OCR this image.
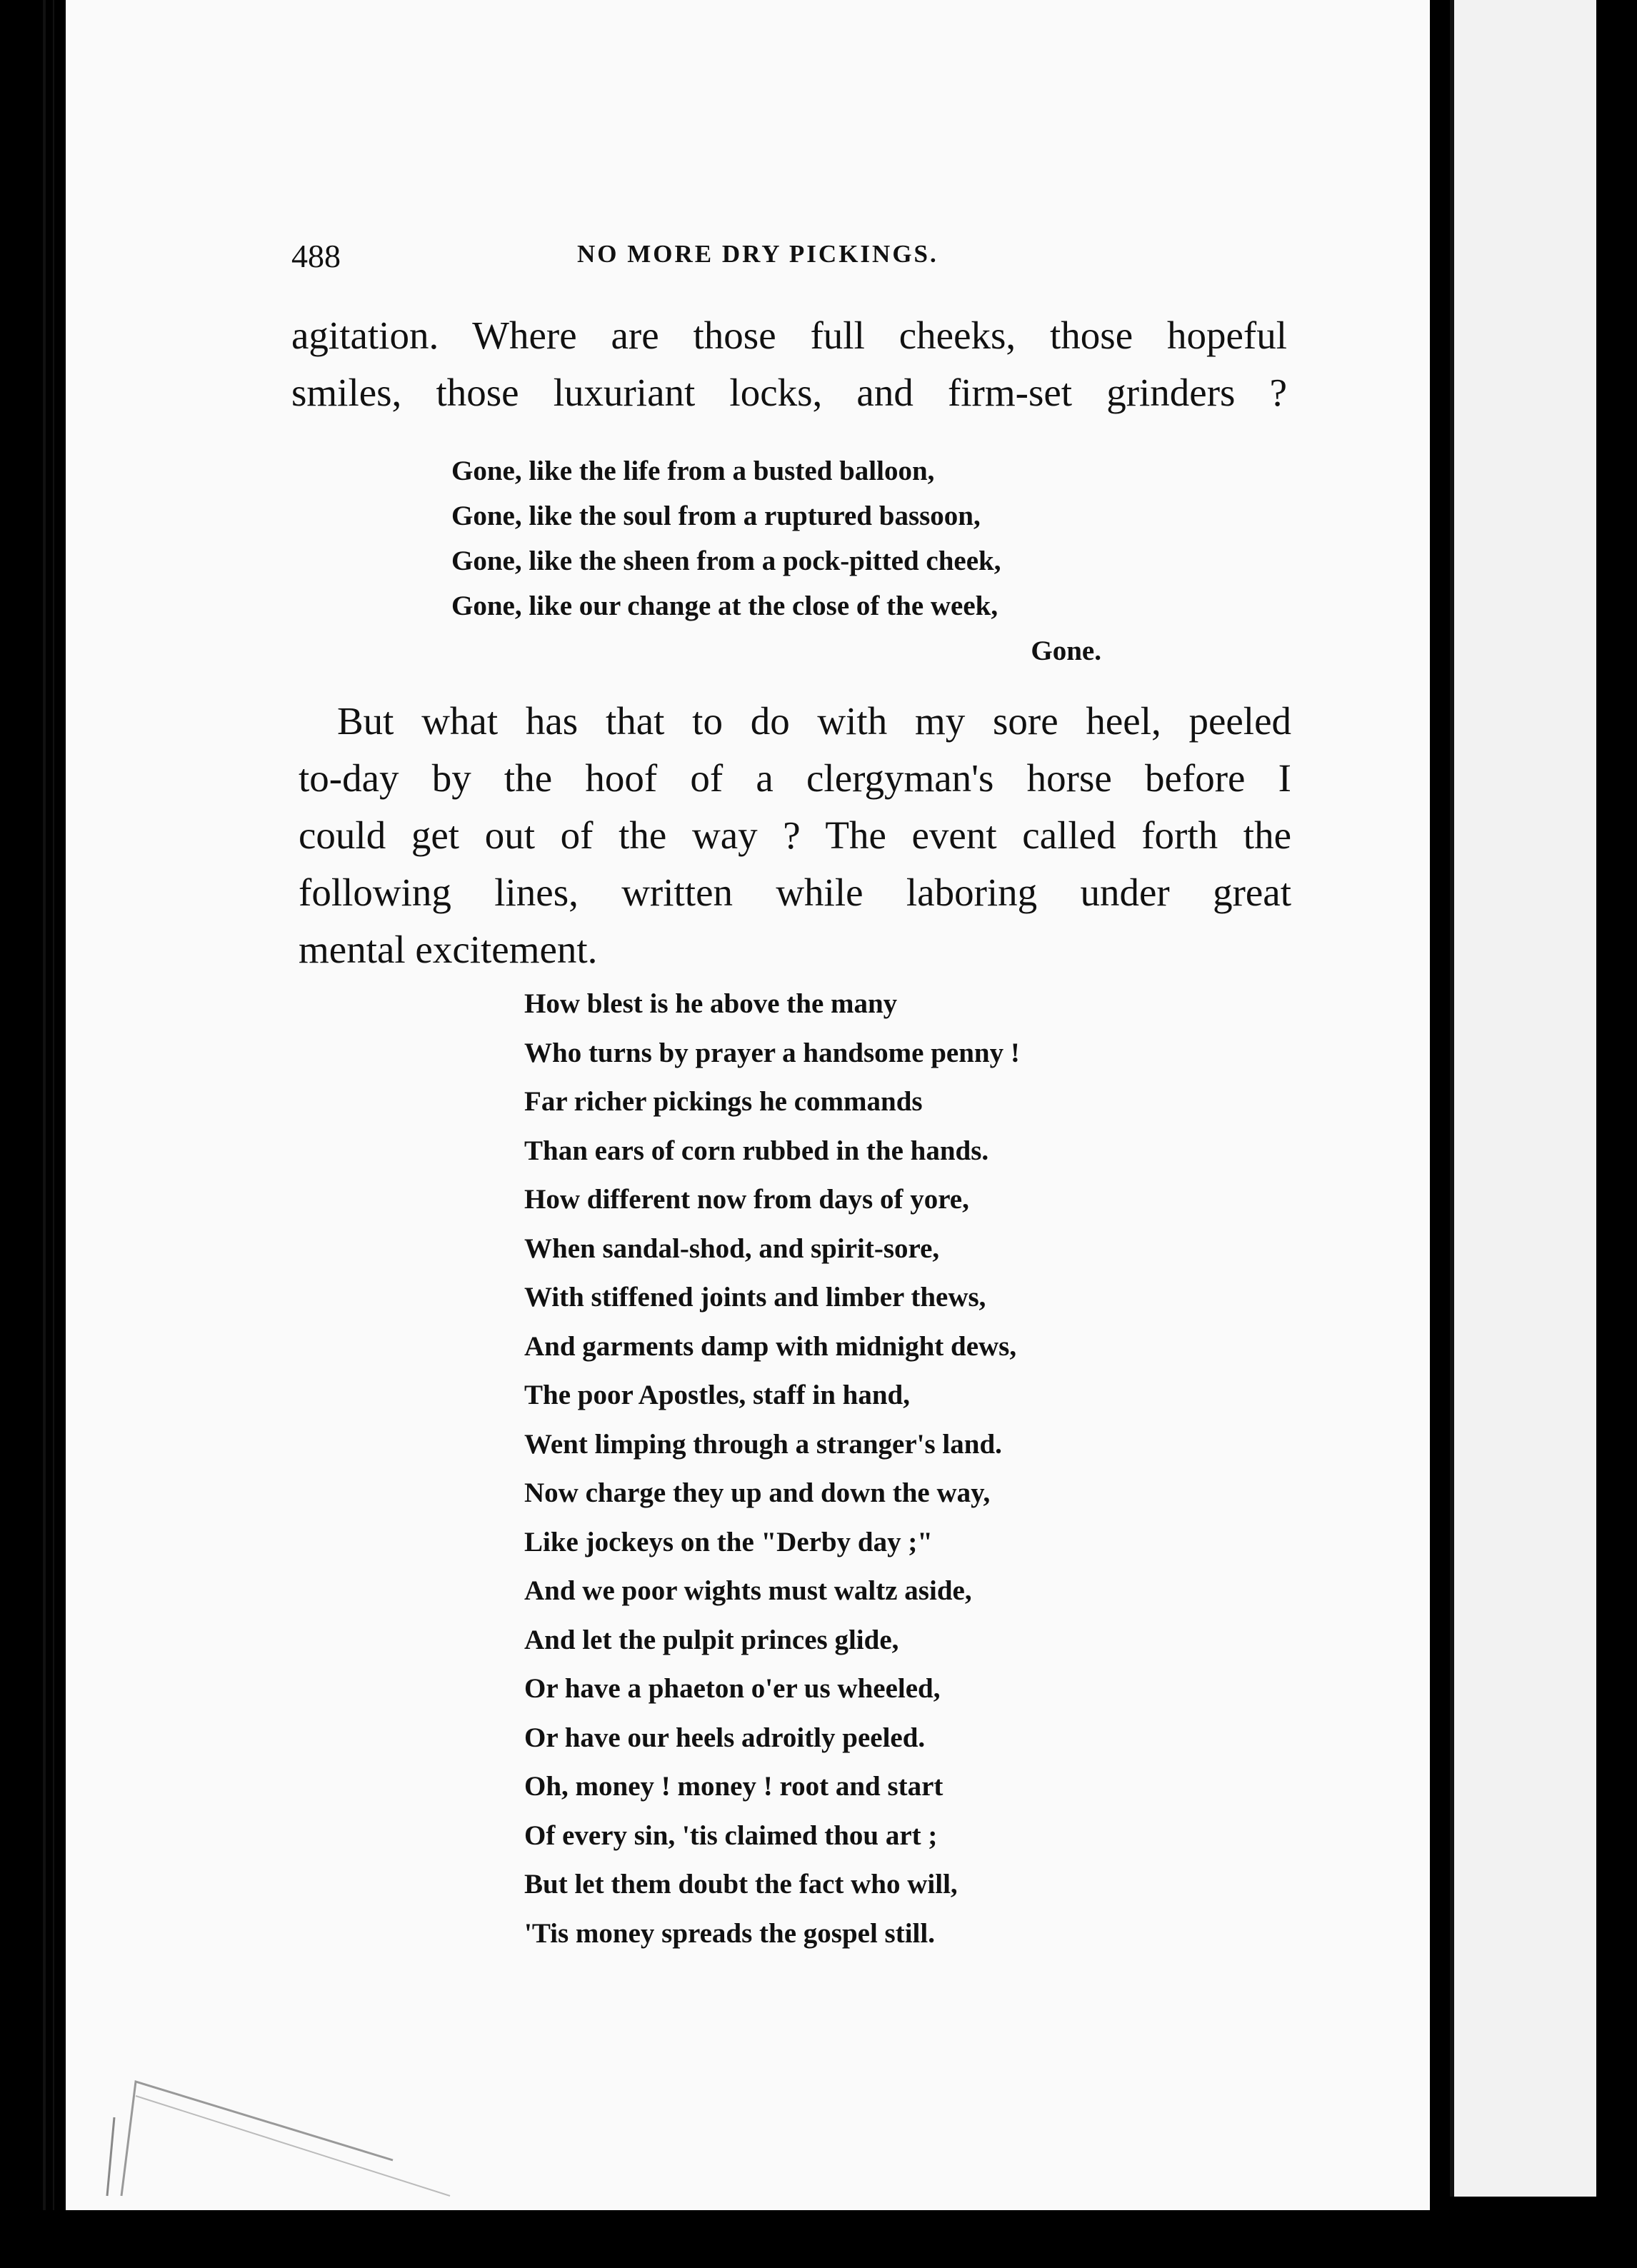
488	NO MORE DRY PICKINGS.
agitation. Where are those full cheeks, those hopeful
smiles, those luxuriant locks, and firm-set grinders ?
Gone, like the life from a busted balloon,
Gone, like the soul from a ruptured bassoon,
Gone, like the sheen from a pock-pitted cheek,
Gone, like our change at the close of the week,
Gone.
But what has that to do with my sore heel, peeled
to-day by the hoof of a clergyman's horse before I
could get out of the way ? The event called forth the
following lines, written while laboring under great
mental excitement.
How blest is he above the many
Who turns by prayer a handsome penny !
Far richer pickings he commands
Than ears of corn rubbed in the hands.
How different now from days of yore,
When sandal-shod, and spirit-sore,
With stiffened joints and limber thews,
And garments damp with midnight dews,
The poor Apostles, staff in hand,
Went limping through a stranger's land.
Now charge they up and down the way,
Like jockeys on the "Derby day ;"
And we poor wights must waltz aside,
And let the pulpit princes glide,
Or have a phaeton o'er us wheeled,
Or have our heels adroitly peeled.
Oh, money ! money ! root and start
Of every sin, 'tis claimed thou art ;
But let them doubt the fact who will,
'Tis money spreads the gospel still.
